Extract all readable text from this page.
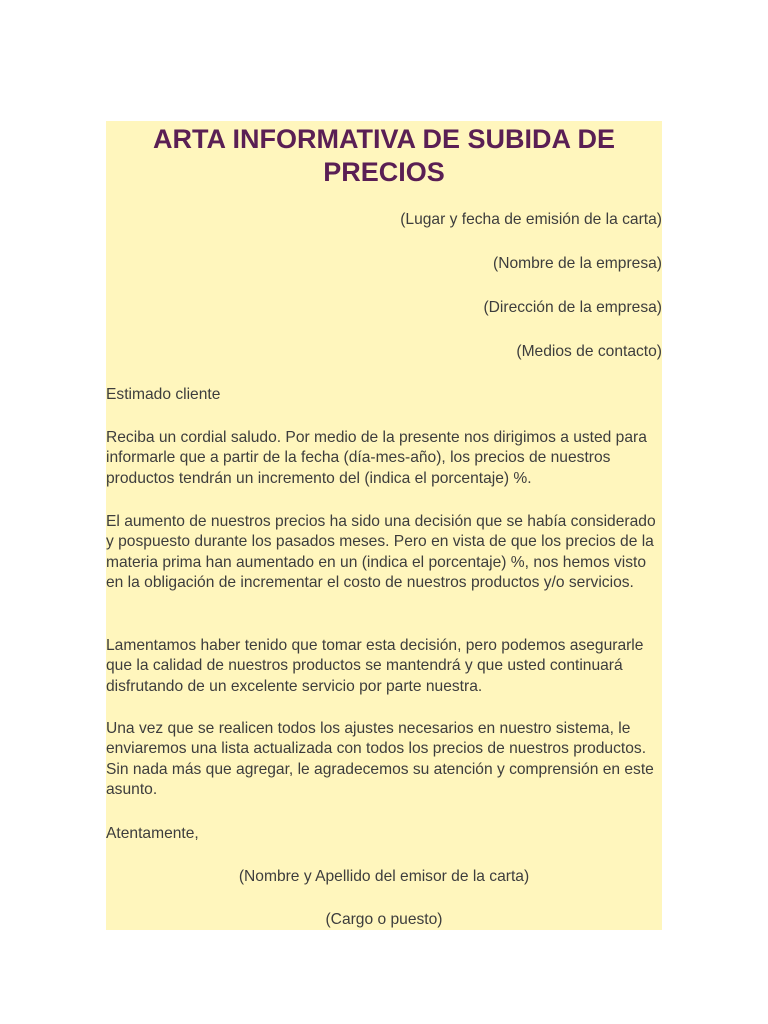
ARTA INFORMATIVA DE SUBIDA DE PRECIOS

(Lugar y fecha de emisión de la carta)

(Nombre de la empresa)

(Dirección de la empresa)

(Medios de contacto)

Estimado cliente

Reciba un cordial saludo. Por medio de la presente nos dirigimos a usted para informarle que a partir de la fecha (día-mes-año), los precios de nuestros productos tendrán un incremento del (indica el porcentaje) %.

El aumento de nuestros precios ha sido una decisión que se había considerado y pospuesto durante los pasados meses. Pero en vista de que los precios de la materia prima han aumentado en un (indica el porcentaje) %, nos hemos visto en la obligación de incrementar el costo de nuestros productos y/o servicios.

Lamentamos haber tenido que tomar esta decisión, pero podemos asegurarle que la calidad de nuestros productos se mantendrá y que usted continuará disfrutando de un excelente servicio por parte nuestra.

Una vez que se realicen todos los ajustes necesarios en nuestro sistema, le enviaremos una lista actualizada con todos los precios de nuestros productos. Sin nada más que agregar, le agradecemos su atención y comprensión en este asunto.

Atentamente,

(Nombre y Apellido del emisor de la carta)

(Cargo o puesto)
